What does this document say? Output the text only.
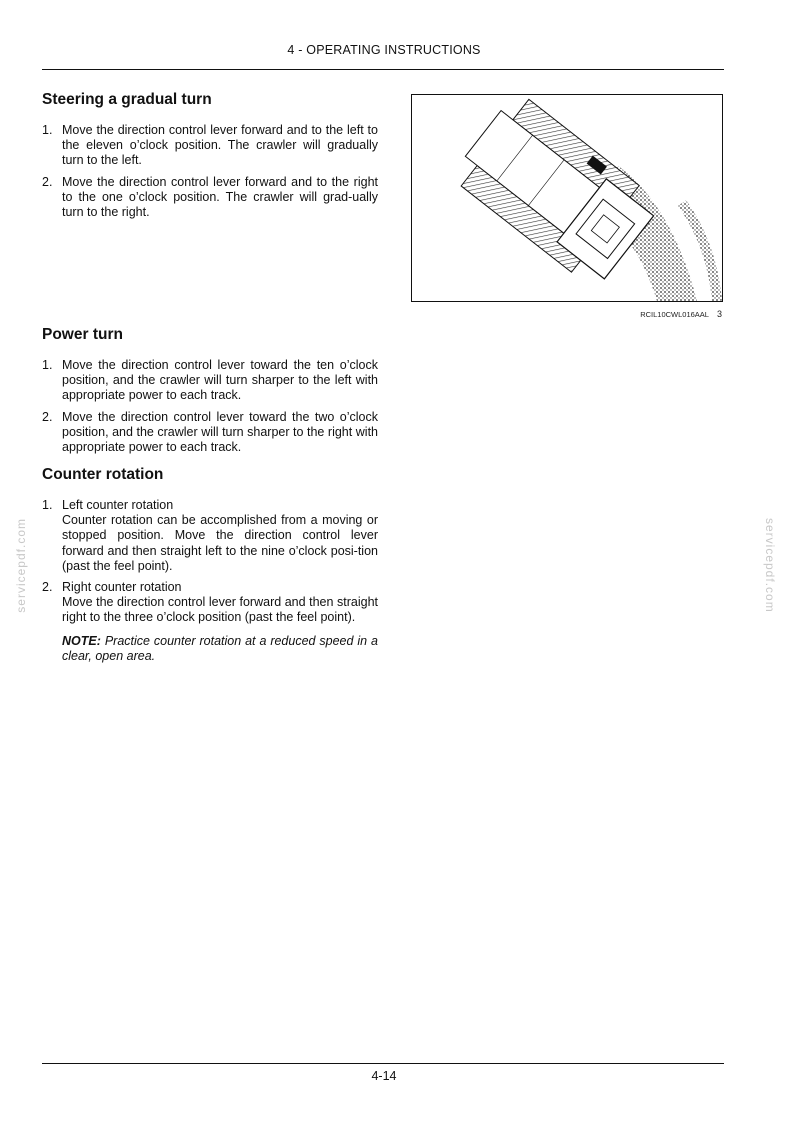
4 - OPERATING INSTRUCTIONS
Steering a gradual turn
1. Move the direction control lever forward and to the left to the eleven o’clock position. The crawler will gradually turn to the left.
2. Move the direction control lever forward and to the right to the one o’clock position. The crawler will grad-ually turn to the right.
RCIL10CWL016AAL 3
Power turn
1. Move the direction control lever toward the ten o’clock position, and the crawler will turn sharper to the left with appropriate power to each track.
2. Move the direction control lever toward the two o’clock position, and the crawler will turn sharper to the right with appropriate power to each track.
Counter rotation
1. Left counter rotation
Counter rotation can be accomplished from a moving or stopped position. Move the direction control lever forward and then straight left to the nine o’clock posi-tion (past the feel point).
2. Right counter rotation
Move the direction control lever forward and then straight right to the three o’clock position (past the feel point).
NOTE: Practice counter rotation at a reduced speed in a clear, open area.
servicepdf.com	servicepdf.com
4-14
